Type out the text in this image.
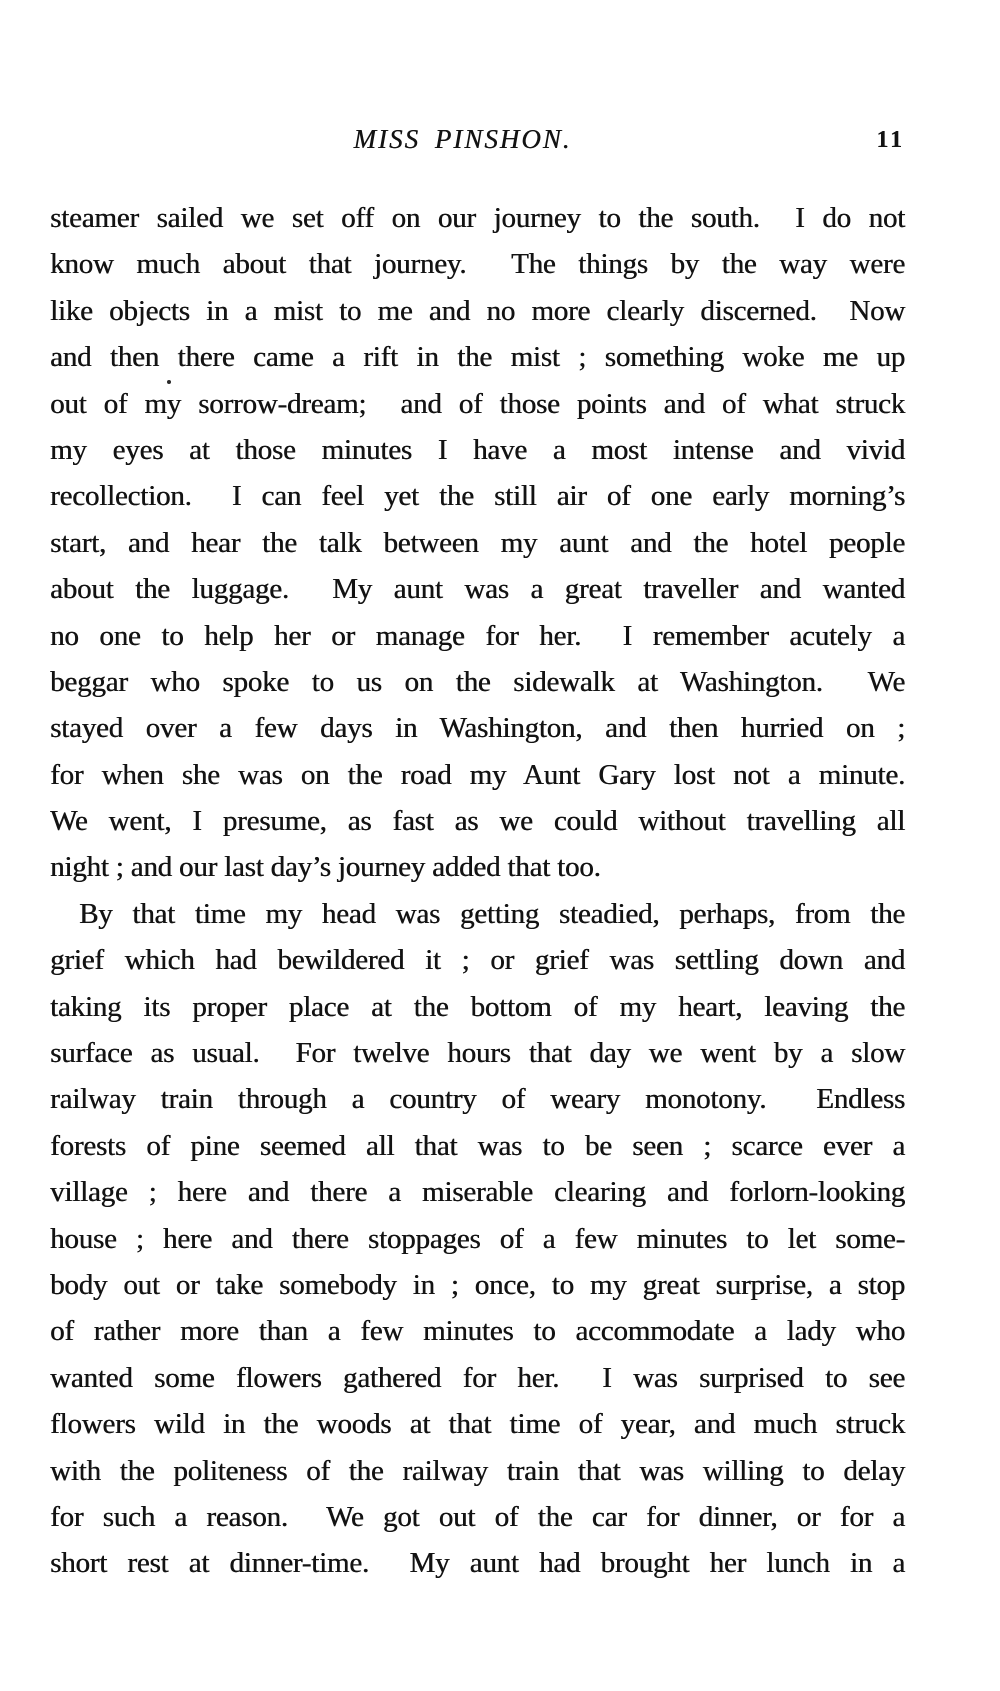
MISS PINSHON.	11
steamer sailed we set off on our journey to the south.  I do not
know much about that journey.  The things by the way were
like objects in a mist to me and no more clearly discerned.  Now
and then there came a rift in the mist ; something woke me up
out of my sorrow-dream;  and of those points and of what struck
my eyes at those minutes I have a most intense and vivid
recollection.  I can feel yet the still air of one early morning’s
start, and hear the talk between my aunt and the hotel people
about the luggage.  My aunt was a great traveller and wanted
no one to help her or manage for her.  I remember acutely a
beggar who spoke to us on the sidewalk at Washington.  We
stayed over a few days in Washington, and then hurried on ;
for when she was on the road my Aunt Gary lost not a minute.
We went, I presume, as fast as we could without travelling all
night ; and our last day’s journey added that too.
By that time my head was getting steadied, perhaps, from the
grief which had bewildered it ; or grief was settling down and
taking its proper place at the bottom of my heart, leaving the
surface as usual.  For twelve hours that day we went by a slow
railway train through a country of weary monotony.  Endless
forests of pine seemed all that was to be seen ; scarce ever a
village ; here and there a miserable clearing and forlorn-looking
house ; here and there stoppages of a few minutes to let some-
body out or take somebody in ; once, to my great surprise, a stop
of rather more than a few minutes to accommodate a lady who
wanted some flowers gathered for her.  I was surprised to see
flowers wild in the woods at that time of year, and much struck
with the politeness of the railway train that was willing to delay
for such a reason.  We got out of the car for dinner, or for a
short rest at dinner-time.  My aunt had brought her lunch in a
